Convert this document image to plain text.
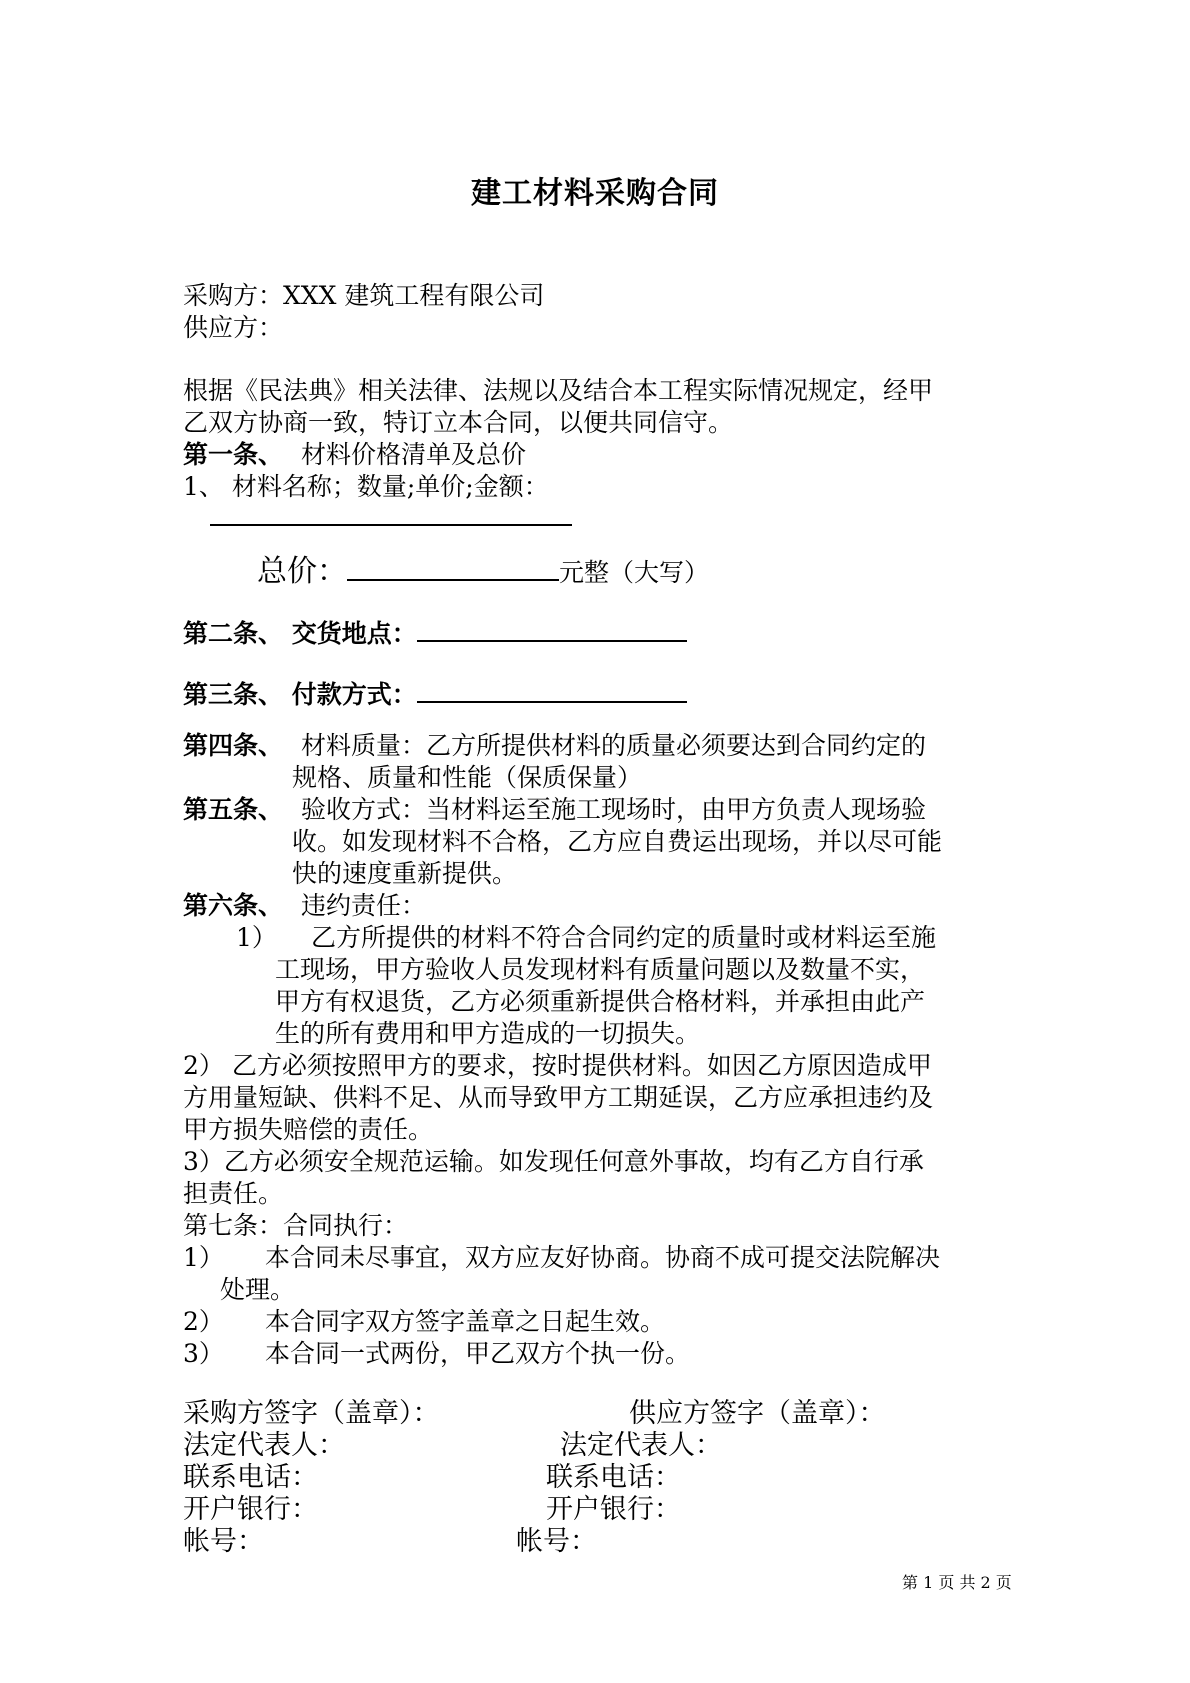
建工材料采购合同
采购方：XXX 建筑工程有限公司
供应方：
根据《民法典》相关法律、法规以及结合本工程实际情况规定，经甲
乙双方协商一致，特订立本合同，以便共同信守。
第一条、 材料价格清单及总价
1、 材料名称；数量;单价;金额：
总价：	元整（大写）
第二条、 交货地点：
第三条、 付款方式：
第四条、 材料质量：乙方所提供材料的质量必须要达到合同约定的
规格、质量和性能（保质保量）
第五条、 验收方式：当材料运至施工现场时，由甲方负责人现场验
收。如发现材料不合格，乙方应自费运出现场，并以尽可能
快的速度重新提供。
第六条、 违约责任：
1） 乙方所提供的材料不符合合同约定的质量时或材料运至施
工现场，甲方验收人员发现材料有质量问题以及数量不实，
甲方有权退货，乙方必须重新提供合格材料，并承担由此产
生的所有费用和甲方造成的一切损失。
2） 乙方必须按照甲方的要求，按时提供材料。如因乙方原因造成甲
方用量短缺、供料不足、从而导致甲方工期延误，乙方应承担违约及
甲方损失赔偿的责任。
3）乙方必须安全规范运输。如发现任何意外事故，均有乙方自行承
担责任。
第七条：合同执行：
1） 本合同未尽事宜，双方应友好协商。协商不成可提交法院解决
处理。
2） 本合同字双方签字盖章之日起生效。
3） 本合同一式两份，甲乙双方个执一份。
采购方签字（盖章）：	供应方签字（盖章）：
法定代表人：	法定代表人：
联系电话：	联系电话：
开户银行：	开户银行：
帐号：	帐号：
第 1 页 共 2 页
